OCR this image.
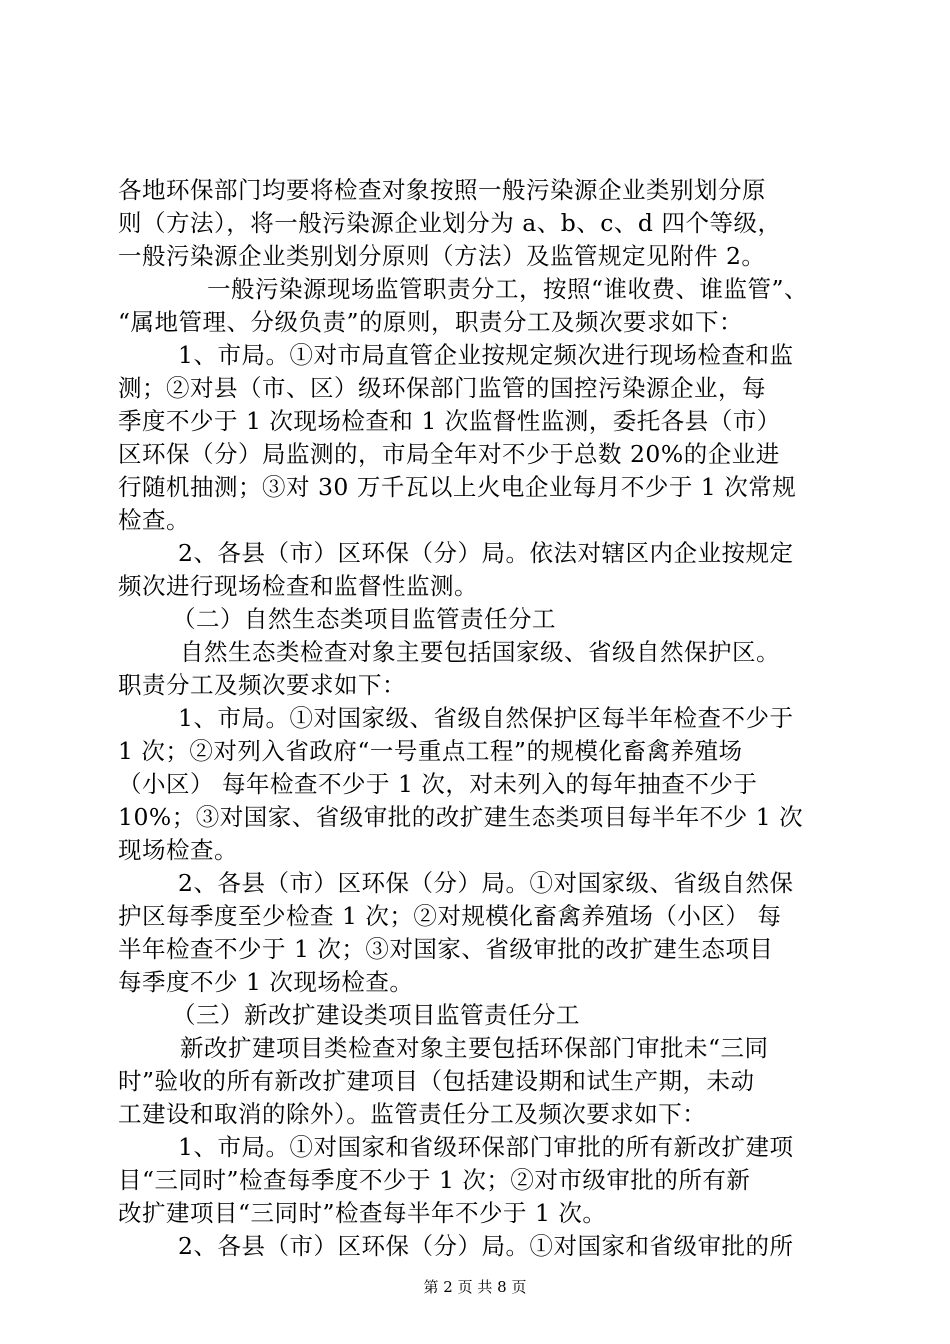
各地环保部门均要将检查对象按照一般污染源企业类别划分原
则（方法），将一般污染源企业划分为 a、b、c、d 四个等级，
一般污染源企业类别划分原则（方法）及监管规定见附件 2。
一般污染源现场监管职责分工，按照“谁收费、谁监管”、
“属地管理、分级负责”的原则，职责分工及频次要求如下：
1、市局。①对市局直管企业按规定频次进行现场检查和监
测；②对县（市、区）级环保部门监管的国控污染源企业，每
季度不少于 1 次现场检查和 1 次监督性监测，委托各县（市）
区环保（分）局监测的，市局全年对不少于总数 20%的企业进
行随机抽测；③对 30 万千瓦以上火电企业每月不少于 1 次常规
检查。
2、各县（市）区环保（分）局。依法对辖区内企业按规定
频次进行现场检查和监督性监测。
（二）自然生态类项目监管责任分工
自然生态类检查对象主要包括国家级、省级自然保护区。
职责分工及频次要求如下：
1、市局。①对国家级、省级自然保护区每半年检查不少于
1 次；②对列入省政府“一号重点工程”的规模化畜禽养殖场
（小区） 每年检查不少于 1 次，对未列入的每年抽查不少于
10%；③对国家、省级审批的改扩建生态类项目每半年不少 1 次
现场检查。
2、各县（市）区环保（分）局。①对国家级、省级自然保
护区每季度至少检查 1 次；②对规模化畜禽养殖场（小区） 每
半年检查不少于 1 次；③对国家、省级审批的改扩建生态项目
每季度不少 1 次现场检查。
（三）新改扩建设类项目监管责任分工
新改扩建项目类检查对象主要包括环保部门审批未“三同
时”验收的所有新改扩建项目（包括建设期和试生产期，未动
工建设和取消的除外）。监管责任分工及频次要求如下：
1、市局。①对国家和省级环保部门审批的所有新改扩建项
目“三同时”检查每季度不少于 1 次；②对市级审批的所有新
改扩建项目“三同时”检查每半年不少于 1 次。
2、各县（市）区环保（分）局。①对国家和省级审批的所
第 2 页 共 8 页
